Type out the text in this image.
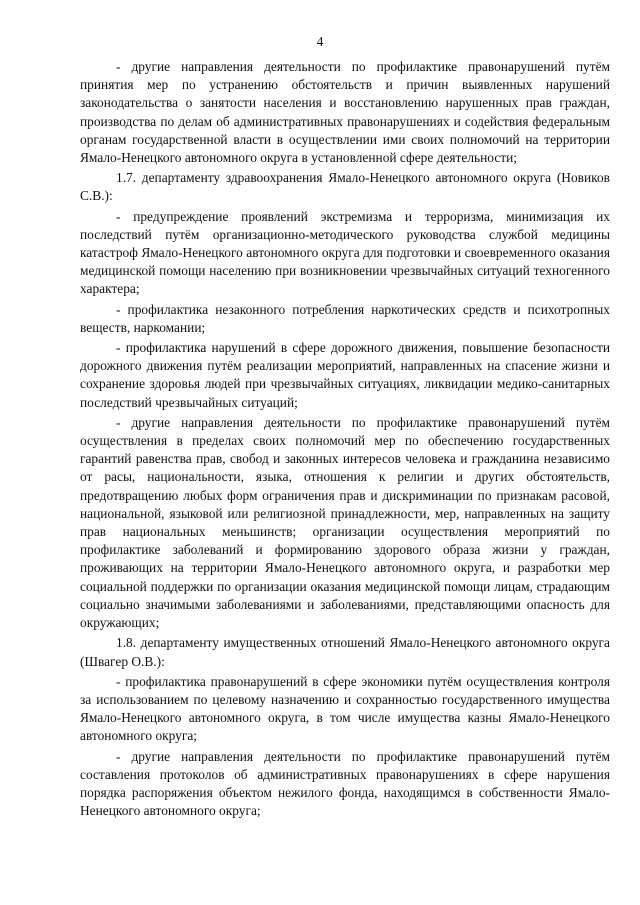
4

- другие направления деятельности по профилактике правонарушений путём принятия мер по устранению обстоятельств и причин выявленных нарушений законодательства о занятости населения и восстановлению нарушенных прав граждан, производства по делам об административных правонарушениях и содействия федеральным органам государственной власти в осуществлении ими своих полномочий на территории Ямало-Ненецкого автономного округа в установленной сфере деятельности;

1.7. департаменту здравоохранения Ямало-Ненецкого автономного округа (Новиков С.В.):

- предупреждение проявлений экстремизма и терроризма, минимизация их последствий путём организационно-методического руководства службой медицины катастроф Ямало-Ненецкого автономного округа для подготовки и своевременного оказания медицинской помощи населению при возникновении чрезвычайных ситуаций техногенного характера;

- профилактика незаконного потребления наркотических средств и психотропных веществ, наркомании;

- профилактика нарушений в сфере дорожного движения, повышение безопасности дорожного движения путём реализации мероприятий, направленных на спасение жизни и сохранение здоровья людей при чрезвычайных ситуациях, ликвидации медико-санитарных последствий чрезвычайных ситуаций;

- другие направления деятельности по профилактике правонарушений путём осуществления в пределах своих полномочий мер по обеспечению государственных гарантий равенства прав, свобод и законных интересов человека и гражданина независимо от расы, национальности, языка, отношения к религии и других обстоятельств, предотвращению любых форм ограничения прав и дискриминации по признакам расовой, национальной, языковой или религиозной принадлежности, мер, направленных на защиту прав национальных меньшинств; организации осуществления мероприятий по профилактике заболеваний и формированию здорового образа жизни у граждан, проживающих на территории Ямало-Ненецкого автономного округа, и разработки мер социальной поддержки по организации оказания медицинской помощи лицам, страдающим социально значимыми заболеваниями и заболеваниями, представляющими опасность для окружающих;

1.8. департаменту имущественных отношений Ямало-Ненецкого автономного округа (Швагер О.В.):

- профилактика правонарушений в сфере экономики путём осуществления контроля за использованием по целевому назначению и сохранностью государственного имущества Ямало-Ненецкого автономного округа, в том числе имущества казны Ямало-Ненецкого автономного округа;

- другие направления деятельности по профилактике правонарушений путём составления протоколов об административных правонарушениях в сфере нарушения порядка распоряжения объектом нежилого фонда, находящимся в собственности Ямало-Ненецкого автономного округа;
